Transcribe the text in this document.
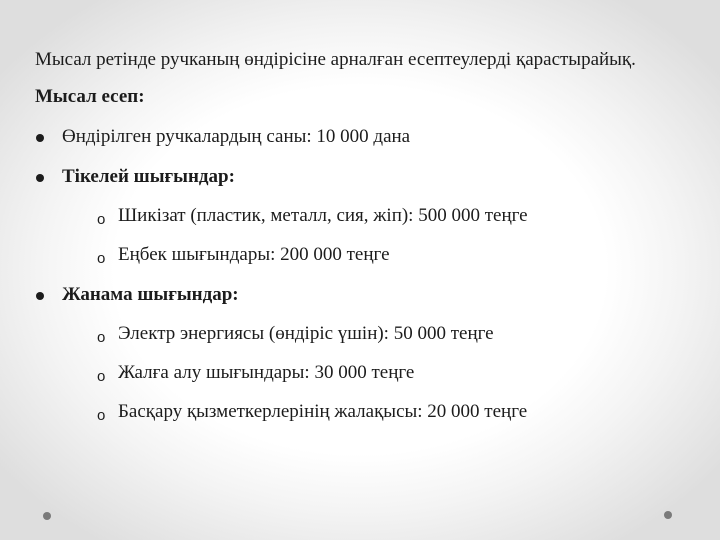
Мысал ретінде ручканың өндірісіне арналған есептеулерді қарастырайық.

Мысал есеп:
Өндірілген ручкалардың саны: 10 000 дана
Тікелей шығындар:
o Шикізат (пластик, металл, сия, жіп): 500 000 теңге
o Еңбек шығындары: 200 000 теңге
Жанама шығындар:
o Электр энергиясы (өндіріс үшін): 50 000 теңге
o Жалға алу шығындары: 30 000 теңге
o Басқару қызметкерлерінің жалақысы: 20 000 теңге
